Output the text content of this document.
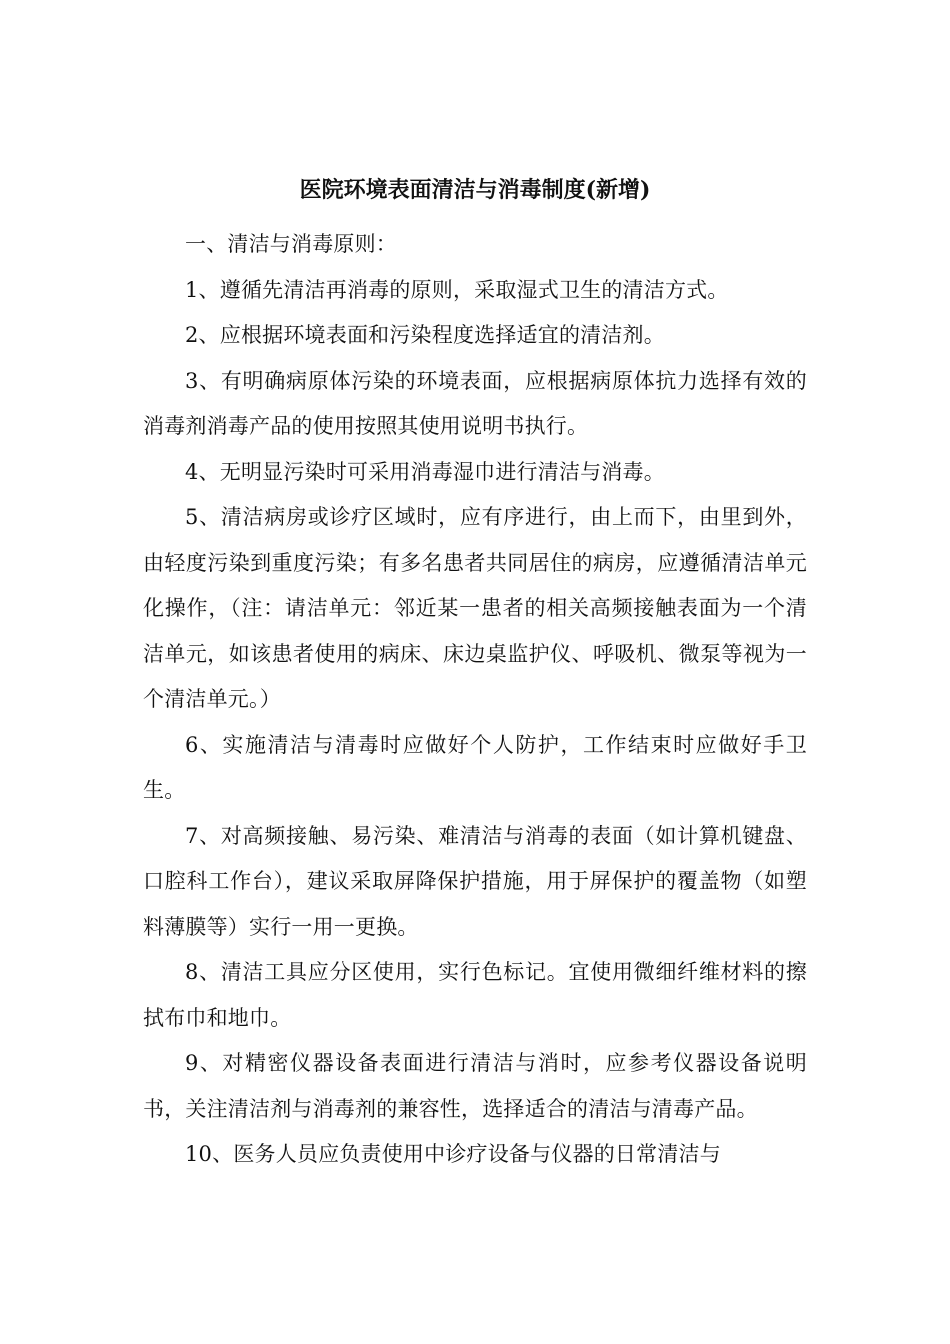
医院环境表面清洁与消毒制度(新增)

一、清洁与消毒原则：

1、遵循先清洁再消毒的原则，采取湿式卫生的清洁方式。

2、应根据环境表面和污染程度选择适宜的清洁剂。

3、有明确病原体污染的环境表面，应根据病原体抗力选择有效的消毒剂消毒产品的使用按照其使用说明书执行。

4、无明显污染时可采用消毒湿巾进行清洁与消毒。

5、清洁病房或诊疗区域时，应有序进行，由上而下，由里到外，由轻度污染到重度污染；有多名患者共同居住的病房，应遵循清洁单元化操作，（注：请洁单元：邻近某一患者的相关高频接触表面为一个清洁单元，如该患者使用的病床、床边桌监护仪、呼吸机、微泵等视为一个清洁单元。）

6、实施清洁与清毒时应做好个人防护，工作结束时应做好手卫生。

7、对高频接触、易污染、难清洁与消毒的表面（如计算机键盘、口腔科工作台），建议采取屏降保护措施，用于屏保护的覆盖物（如塑料薄膜等）实行一用一更换。

8、清洁工具应分区使用，实行色标记。宜使用微细纤维材料的擦拭布巾和地巾。

9、对精密仪器设备表面进行清洁与消时，应参考仪器设备说明书，关注清洁剂与消毒剂的兼容性，选择适合的清洁与清毒产品。

10、医务人员应负责使用中诊疗设备与仪器的日常清洁与
